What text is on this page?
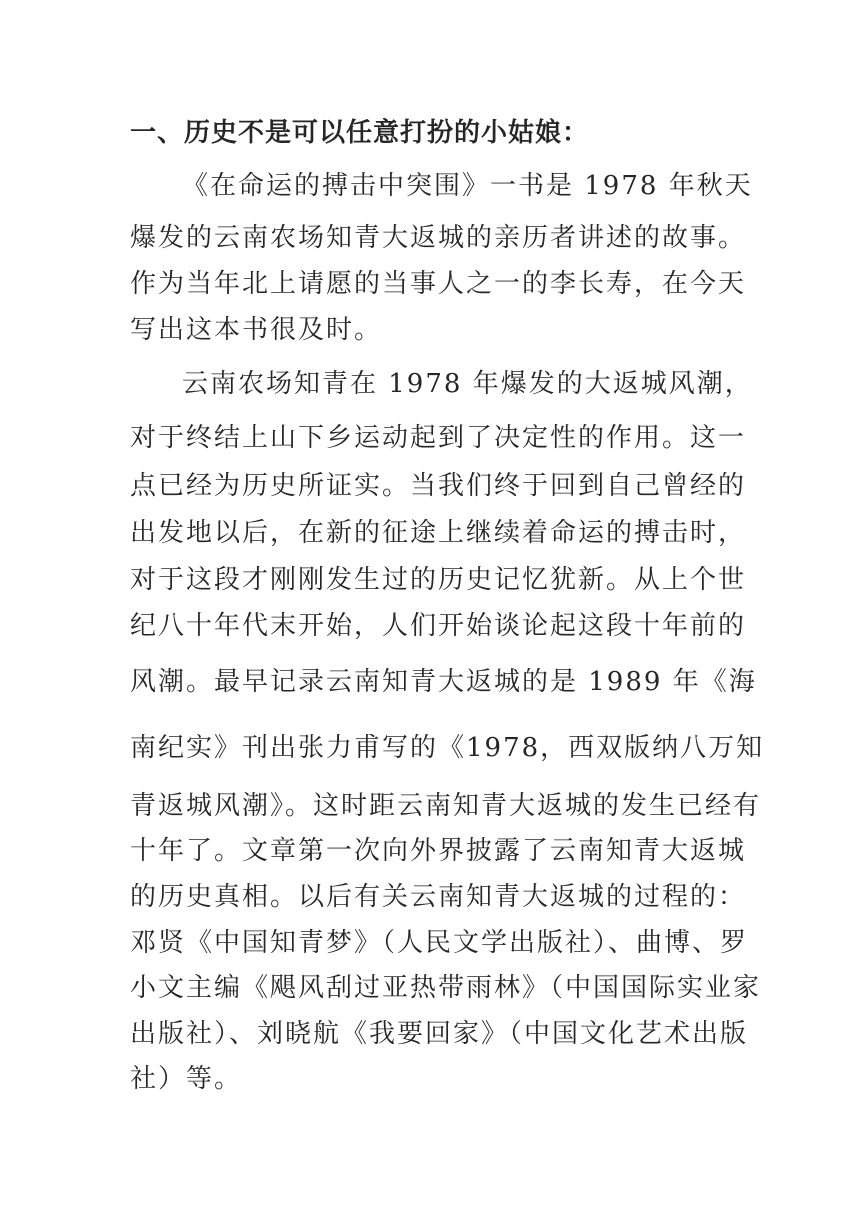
一、历史不是可以任意打扮的小姑娘：
《在命运的搏击中突围》一书是 1978 年秋天
爆发的云南农场知青大返城的亲历者讲述的故事。
作为当年北上请愿的当事人之一的李长寿，在今天
写出这本书很及时。
云南农场知青在 1978 年爆发的大返城风潮，
对于终结上山下乡运动起到了决定性的作用。这一
点已经为历史所证实。当我们终于回到自己曾经的
出发地以后，在新的征途上继续着命运的搏击时，
对于这段才刚刚发生过的历史记忆犹新。从上个世
纪八十年代末开始，人们开始谈论起这段十年前的
风潮。最早记录云南知青大返城的是 1989 年《海
南纪实》刊出张力甫写的《1978，西双版纳八万知
青返城风潮》。这时距云南知青大返城的发生已经有
十年了。文章第一次向外界披露了云南知青大返城
的历史真相。以后有关云南知青大返城的过程的：
邓贤《中国知青梦》（人民文学出版社）、曲博、罗
小文主编《飓风刮过亚热带雨林》（中国国际实业家
出版社）、刘晓航《我要回家》（中国文化艺术出版
社）等。
